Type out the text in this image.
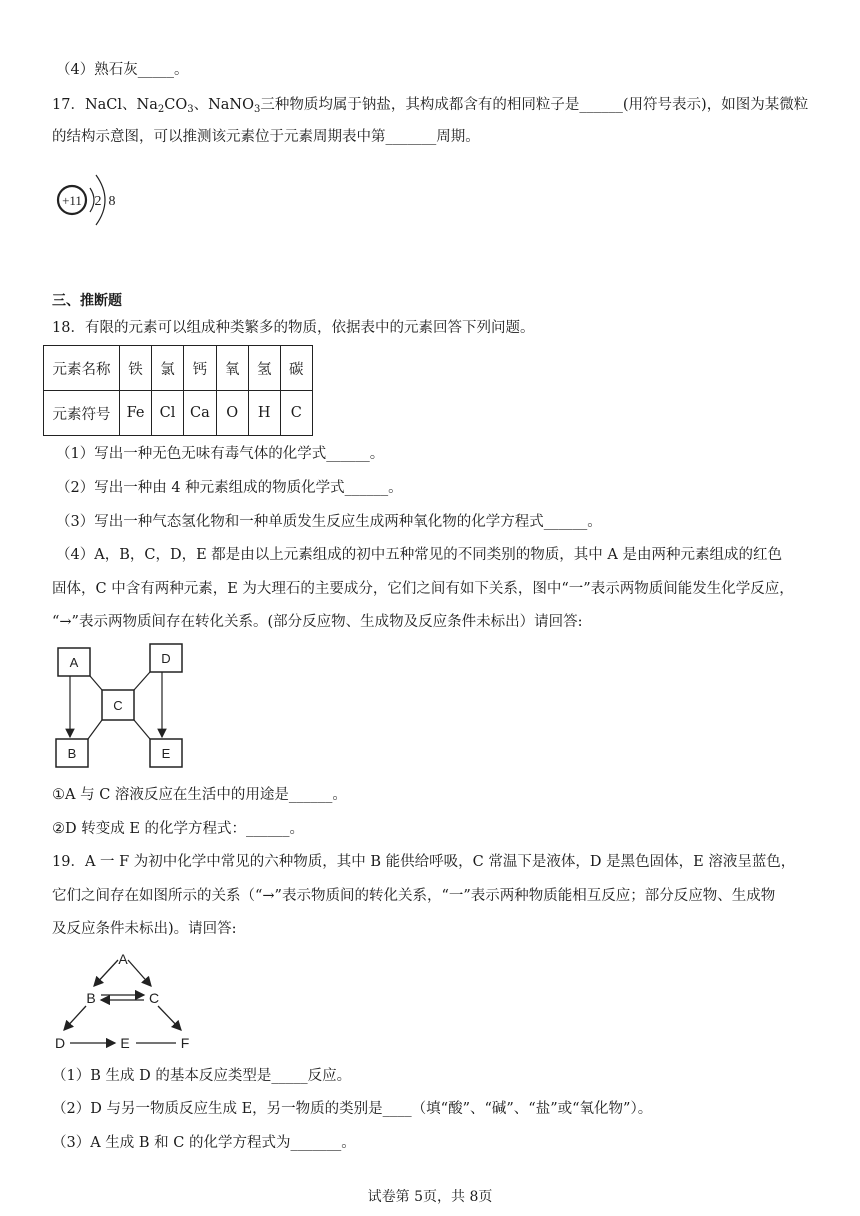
（4）熟石灰_____。
17．NaCl、$Na_2CO_3$、NaNO$_3$三种物质均属于钠盐，其构成都含有的相同粒子是______(用符号表示)，如图为某微粒
的结构示意图，可以推测该元素位于元素周期表中第_______周期。
+11 2 8
三、推断题
18．有限的元素可以组成种类繁多的物质，依据表中的元素回答下列问题。
元素名称	铁	氯	钙	氧	氢	碳
元素符号	Fe	Cl	Ca	O	H	C
（1）写出一种无色无味有毒气体的化学式______。
（2）写出一种由 4 种元素组成的物质化学式______。
（3）写出一种气态氢化物和一种单质发生反应生成两种氧化物的化学方程式______。
（4）A，B，C，D，E 都是由以上元素组成的初中五种常见的不同类别的物质，其中 A 是由两种元素组成的红色
固体，C 中含有两种元素，E 为大理石的主要成分，它们之间有如下关系，图中“一”表示两物质间能发生化学反应，
“→”表示两物质间存在转化关系。(部分反应物、生成物及反应条件未标出）请回答:
A	D
C
B	E
①A 与 C 溶液反应在生活中的用途是______。
②D 转变成 E 的化学方程式：______。
19．A 一 F 为初中化学中常见的六种物质，其中 B 能供给呼吸，C 常温下是液体，D 是黑色固体，E 溶液呈蓝色，
它们之间存在如图所示的关系（“→”表示物质间的转化关系，“一”表示两种物质能相互反应；部分反应物、生成物
及反应条件未标出)。请回答:
A
B	C
D	E	F
（1）B 生成 D 的基本反应类型是_____反应。
（2）D 与另一物质反应生成 E，另一物质的类别是____（填“酸”、“碱”、“盐”或“氧化物”）。
（3）A 生成 B 和 C 的化学方程式为_______。
试卷第 5页，共 8页
